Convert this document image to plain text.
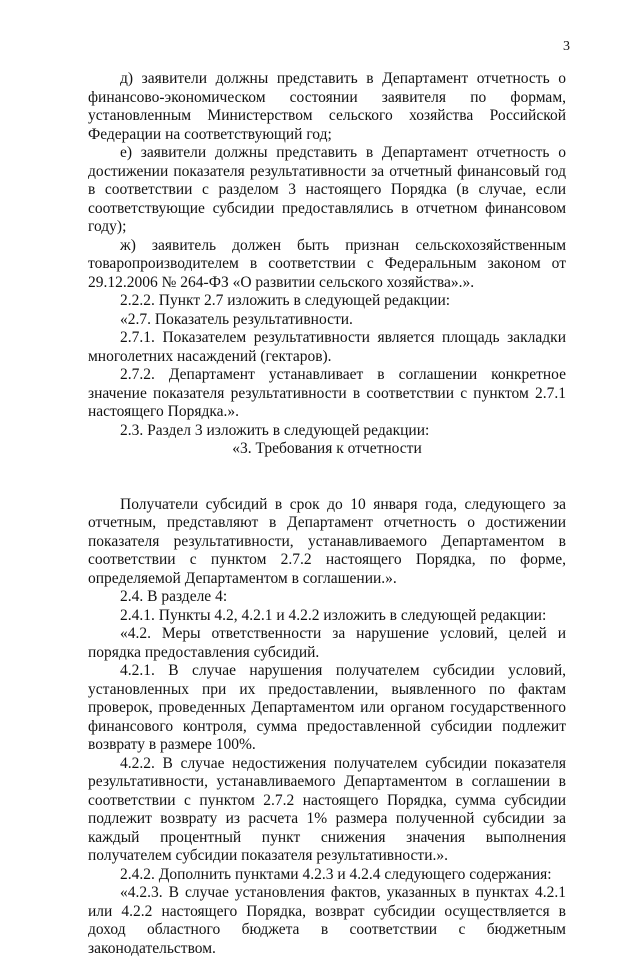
3

д) заявители должны представить в Департамент отчетность о финансово-экономическом состоянии заявителя по формам, установленным Министерством сельского хозяйства Российской Федерации на соответствующий год;

е) заявители должны представить в Департамент отчетность о достижении показателя результативности за отчетный финансовый год в соответствии с разделом 3 настоящего Порядка (в случае, если соответствующие субсидии предоставлялись в отчетном финансовом году);

ж) заявитель должен быть признан сельскохозяйственным товаропроизводителем в соответствии с Федеральным законом от 29.12.2006 № 264-ФЗ «О развитии сельского хозяйства».».

2.2.2. Пункт 2.7 изложить в следующей редакции:

«2.7. Показатель результативности.

2.7.1. Показателем результативности является площадь закладки многолетних насаждений (гектаров).

2.7.2. Департамент устанавливает в соглашении конкретное значение показателя результативности в соответствии с пунктом 2.7.1 настоящего Порядка.».

2.3. Раздел 3 изложить в следующей редакции:

«3. Требования к отчетности

Получатели субсидий в срок до 10 января года, следующего за отчетным, представляют в Департамент отчетность о достижении показателя результативности, устанавливаемого Департаментом в соответствии с пунктом 2.7.2 настоящего Порядка, по форме, определяемой Департаментом в соглашении.».

2.4. В разделе 4:

2.4.1. Пункты 4.2, 4.2.1 и 4.2.2 изложить в следующей редакции:

«4.2. Меры ответственности за нарушение условий, целей и порядка предоставления субсидий.

4.2.1. В случае нарушения получателем субсидии условий, установленных при их предоставлении, выявленного по фактам проверок, проведенных Департаментом или органом государственного финансового контроля, сумма предоставленной субсидии подлежит возврату в размере 100%.

4.2.2. В случае недостижения получателем субсидии показателя результативности, устанавливаемого Департаментом в соглашении в соответствии с пунктом 2.7.2 настоящего Порядка, сумма субсидии подлежит возврату из расчета 1% размера полученной субсидии за каждый процентный пункт снижения значения выполнения получателем субсидии показателя результативности.».

2.4.2. Дополнить пунктами 4.2.3 и 4.2.4 следующего содержания:

«4.2.3. В случае установления фактов, указанных в пунктах 4.2.1 или 4.2.2 настоящего Порядка, возврат субсидии осуществляется в доход областного бюджета в соответствии с бюджетным законодательством.
